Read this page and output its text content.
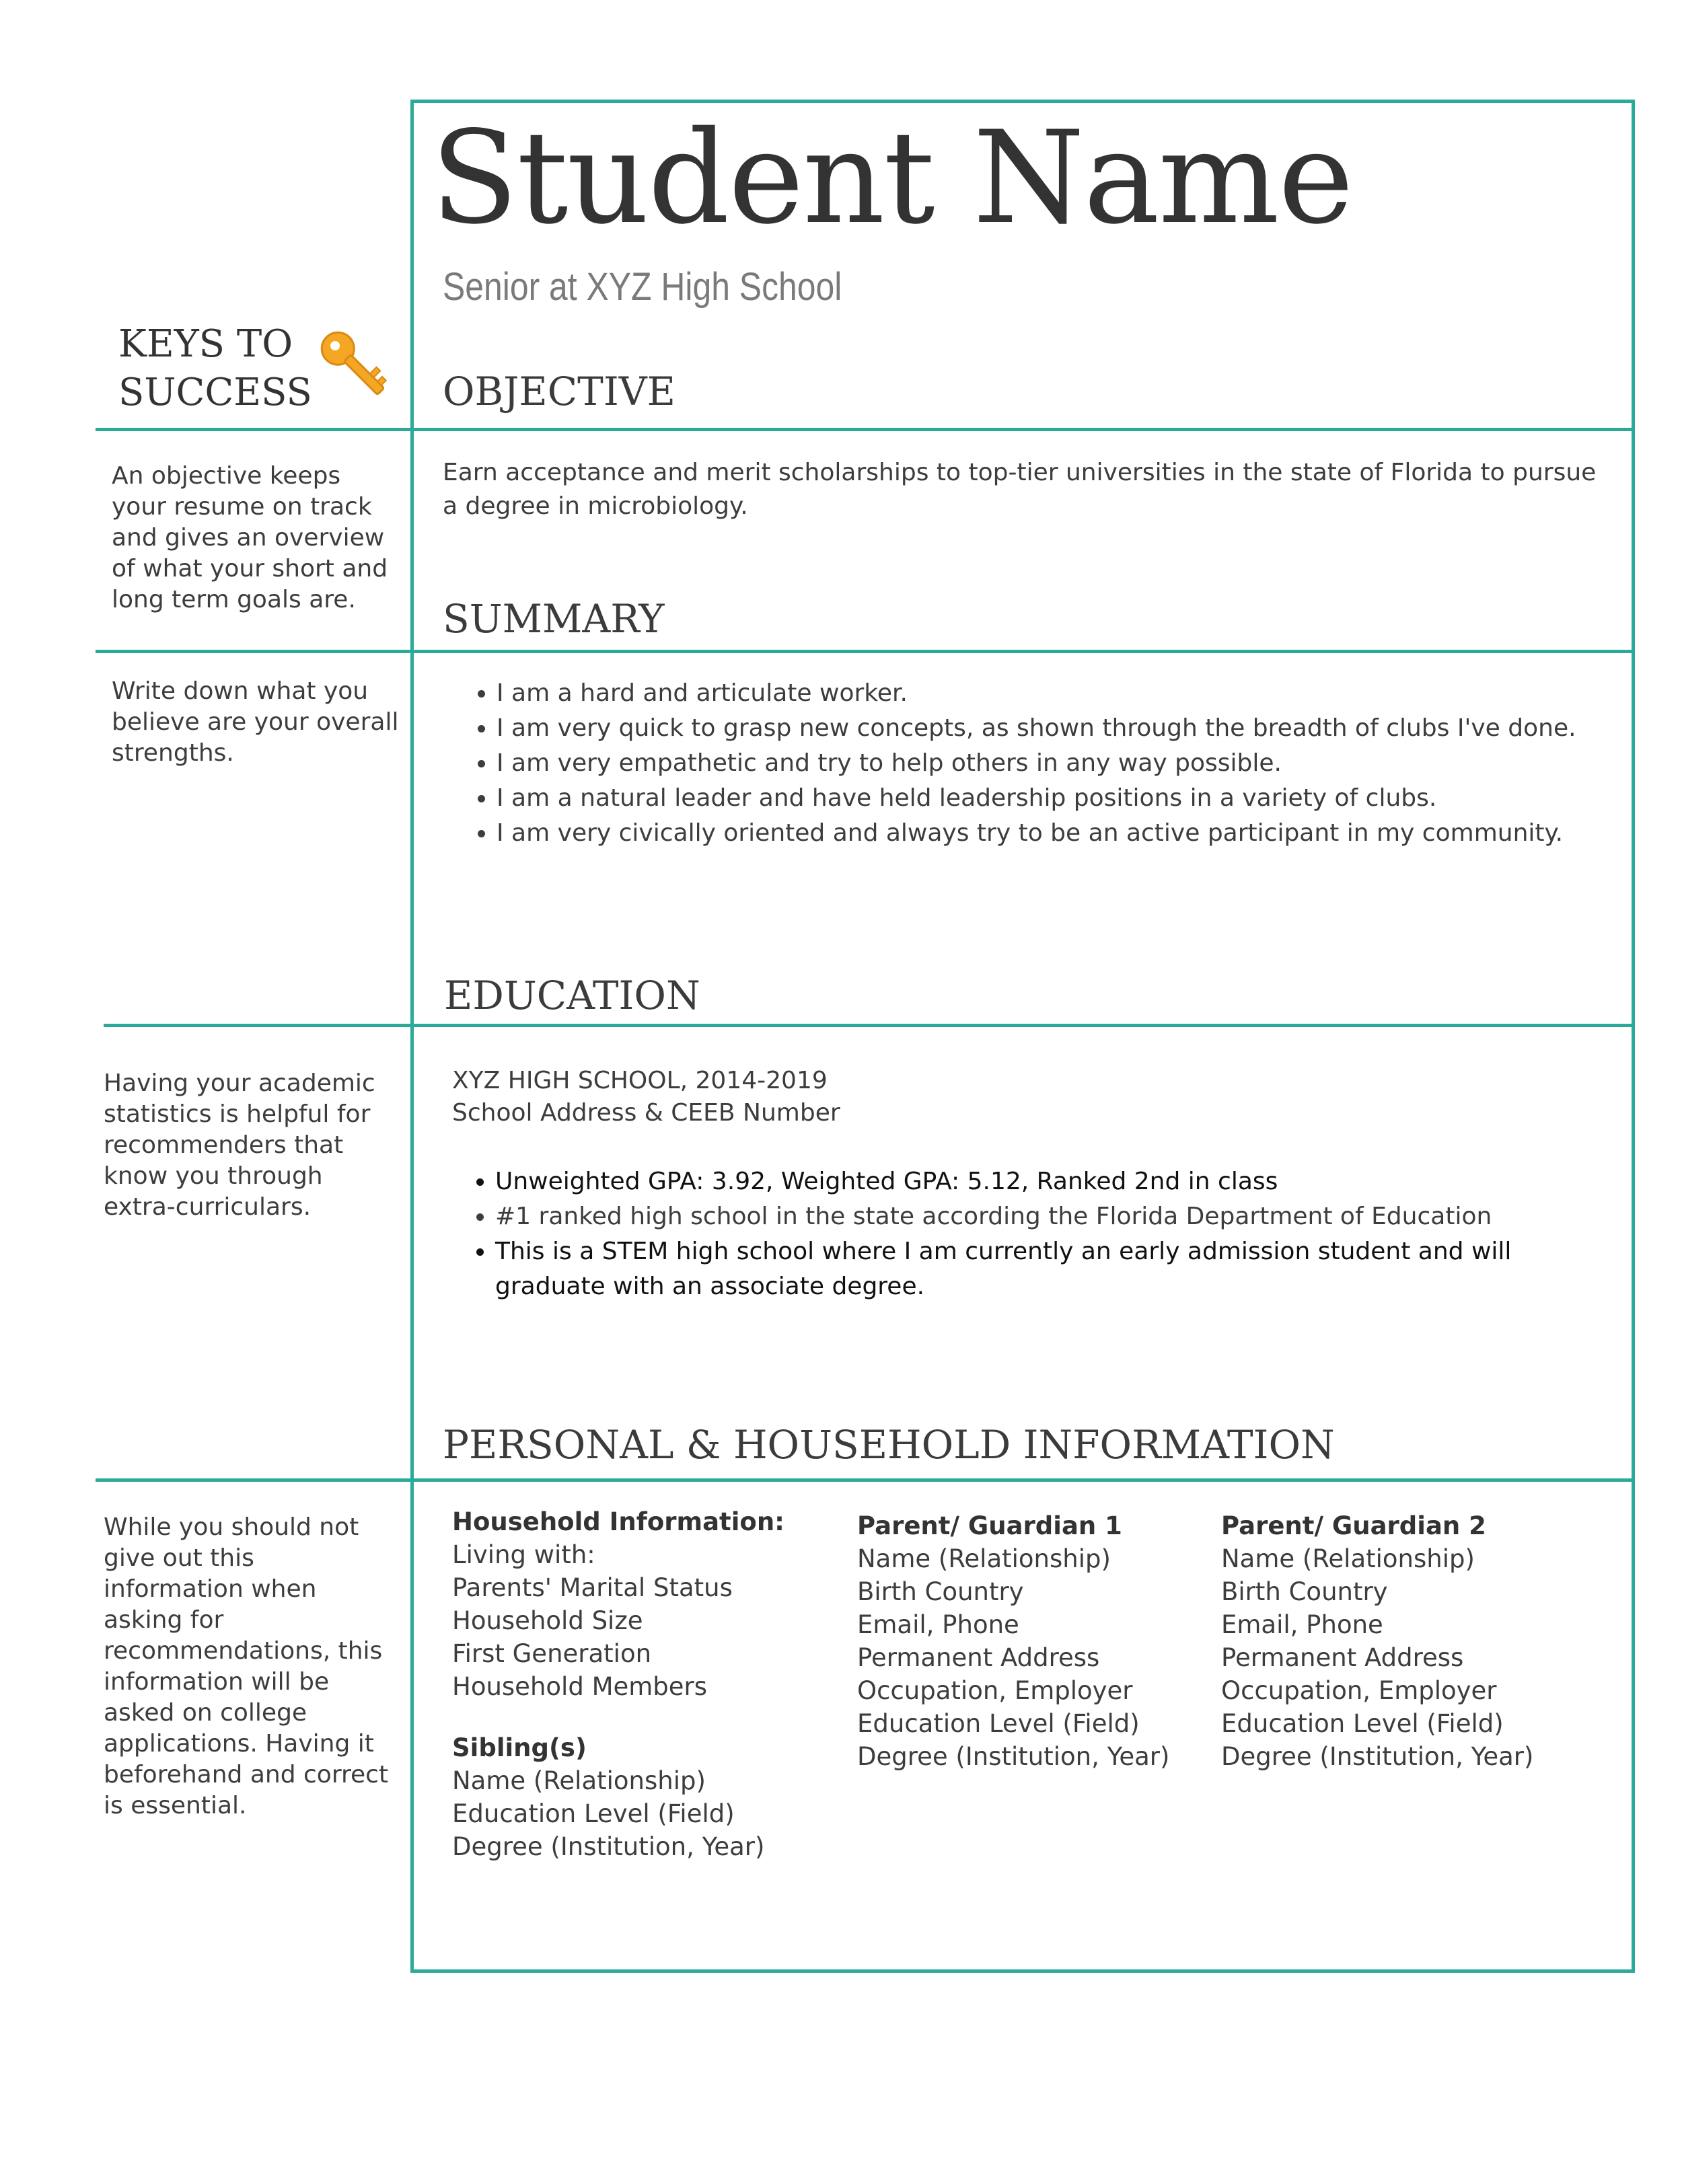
Student Name
Senior at XYZ High School
KEYS TO
SUCCESS	OBJECTIVE
An objective keeps your resume on track and gives an overview of what your short and long term goals are.
Earn acceptance and merit scholarships to top-tier universities in the state of Florida to pursue a degree in microbiology.
SUMMARY
Write down what you believe are your overall strengths.
• I am a hard and articulate worker.
• I am very quick to grasp new concepts, as shown through the breadth of clubs I've done.
• I am very empathetic and try to help others in any way possible.
• I am a natural leader and have held leadership positions in a variety of clubs.
• I am very civically oriented and always try to be an active participant in my community.
EDUCATION
Having your academic statistics is helpful for recommenders that know you through extra-curriculars.
XYZ HIGH SCHOOL, 2014-2019
School Address & CEEB Number
• Unweighted GPA: 3.92, Weighted GPA: 5.12, Ranked 2nd in class
• #1 ranked high school in the state according the Florida Department of Education
• This is a STEM high school where I am currently an early admission student and will graduate with an associate degree.
PERSONAL & HOUSEHOLD INFORMATION
While you should not give out this information when asking for recommendations, this information will be asked on college applications. Having it beforehand and correct is essential.
Household Information:
Living with:
Parents' Marital Status
Household Size
First Generation
Household Members
Sibling(s)
Name (Relationship)
Education Level (Field)
Degree (Institution, Year)
Parent/ Guardian 1
Name (Relationship)
Birth Country
Email, Phone
Permanent Address
Occupation, Employer
Education Level (Field)
Degree (Institution, Year)
Parent/ Guardian 2
Name (Relationship)
Birth Country
Email, Phone
Permanent Address
Occupation, Employer
Education Level (Field)
Degree (Institution, Year)
